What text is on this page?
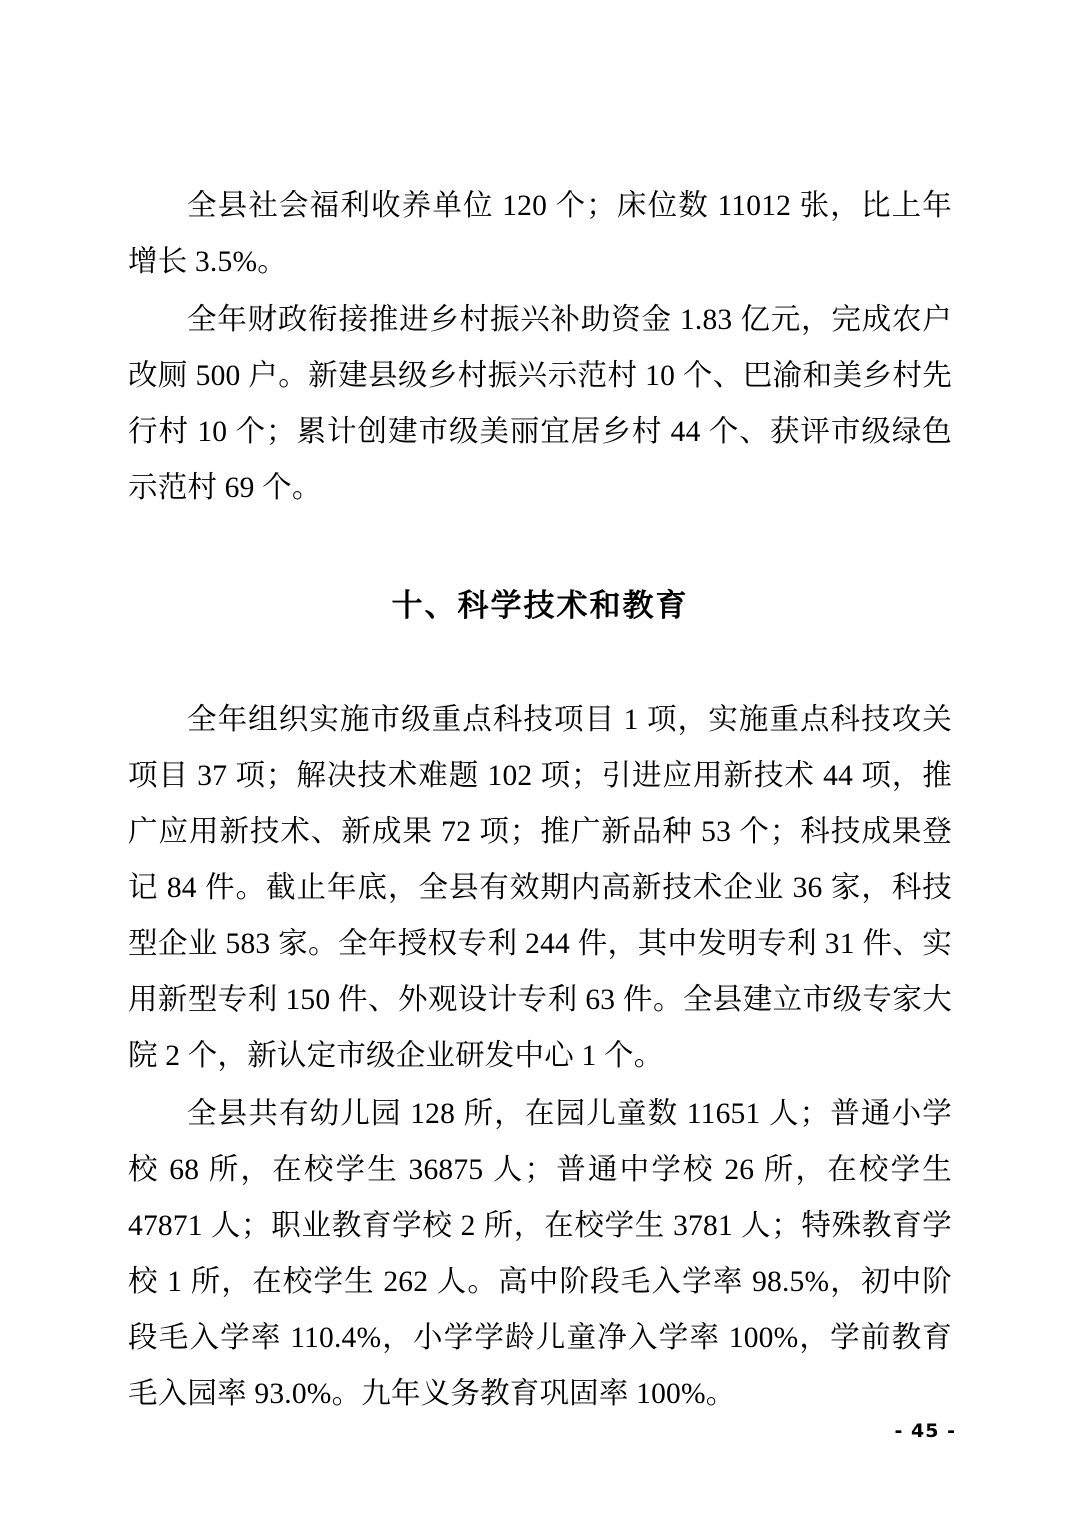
全县社会福利收养单位 120 个；床位数 11012 张，比上年增长 3.5%。

全年财政衔接推进乡村振兴补助资金 1.83 亿元，完成农户改厕 500 户。新建县级乡村振兴示范村 10 个、巴渝和美乡村先行村 10 个；累计创建市级美丽宜居乡村 44 个、获评市级绿色示范村 69 个。

十、科学技术和教育

全年组织实施市级重点科技项目 1 项，实施重点科技攻关项目 37 项；解决技术难题 102 项；引进应用新技术 44 项，推广应用新技术、新成果 72 项；推广新品种 53 个；科技成果登记 84 件。截止年底，全县有效期内高新技术企业 36 家，科技型企业 583 家。全年授权专利 244 件，其中发明专利 31 件、实用新型专利 150 件、外观设计专利 63 件。全县建立市级专家大院 2 个，新认定市级企业研发中心 1 个。

全县共有幼儿园 128 所，在园儿童数 11651 人；普通小学校 68 所，在校学生 36875 人；普通中学校 26 所，在校学生 47871 人；职业教育学校 2 所，在校学生 3781 人；特殊教育学校 1 所，在校学生 262 人。高中阶段毛入学率 98.5%，初中阶段毛入学率 110.4%，小学学龄儿童净入学率 100%，学前教育毛入园率 93.0%。九年义务教育巩固率 100%。

- 45 -
